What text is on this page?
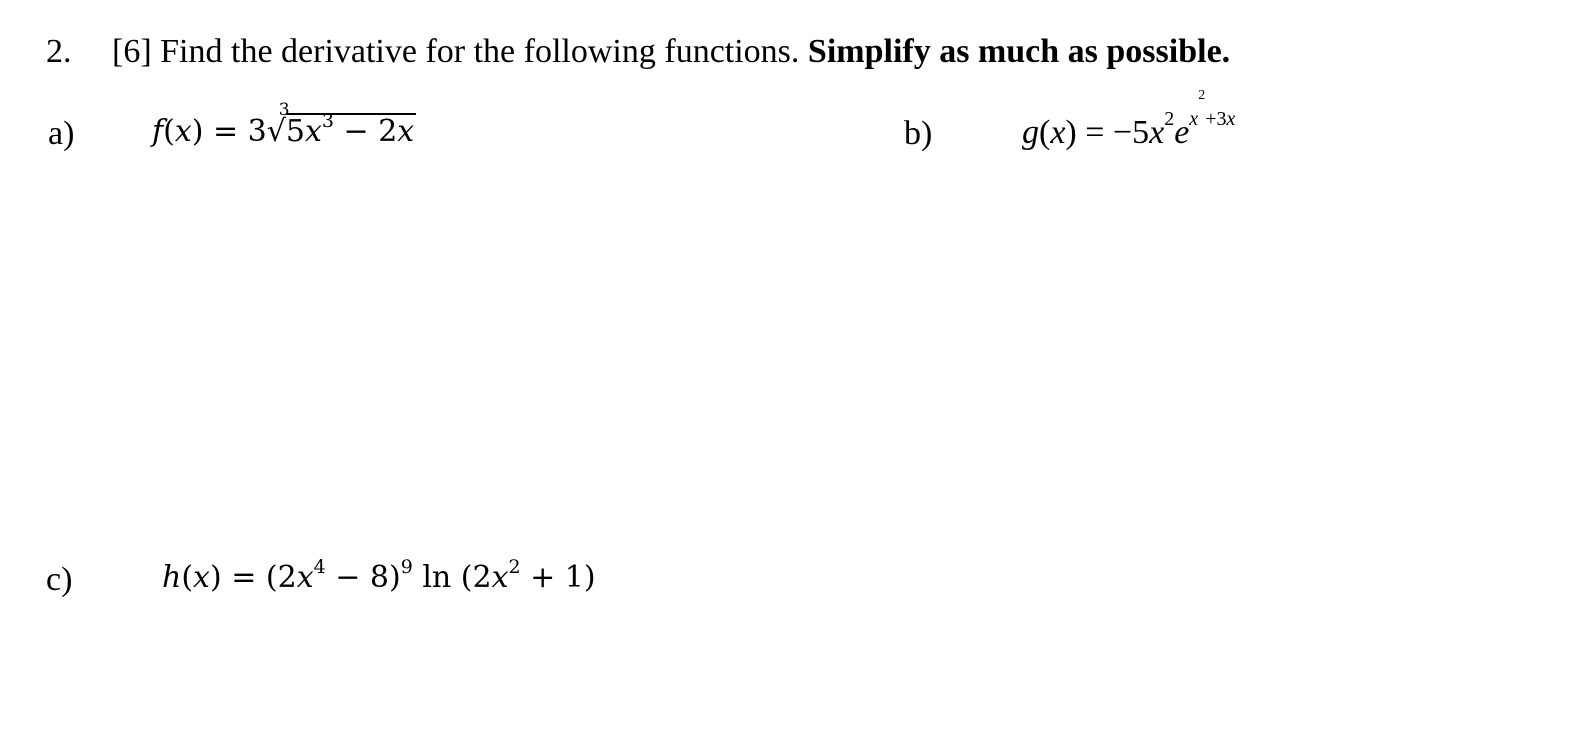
2. [6] Find the derivative for the following functions. Simplify as much as possible.
a)	f(x) = 3
3
$√5x^3 - 2x$	b)	$g(x) = -5x^2e^{x^2+3x}$
c)	$h(x) = (2x^4 - 8)^9$ $\ln (2x^2 + 1)$
